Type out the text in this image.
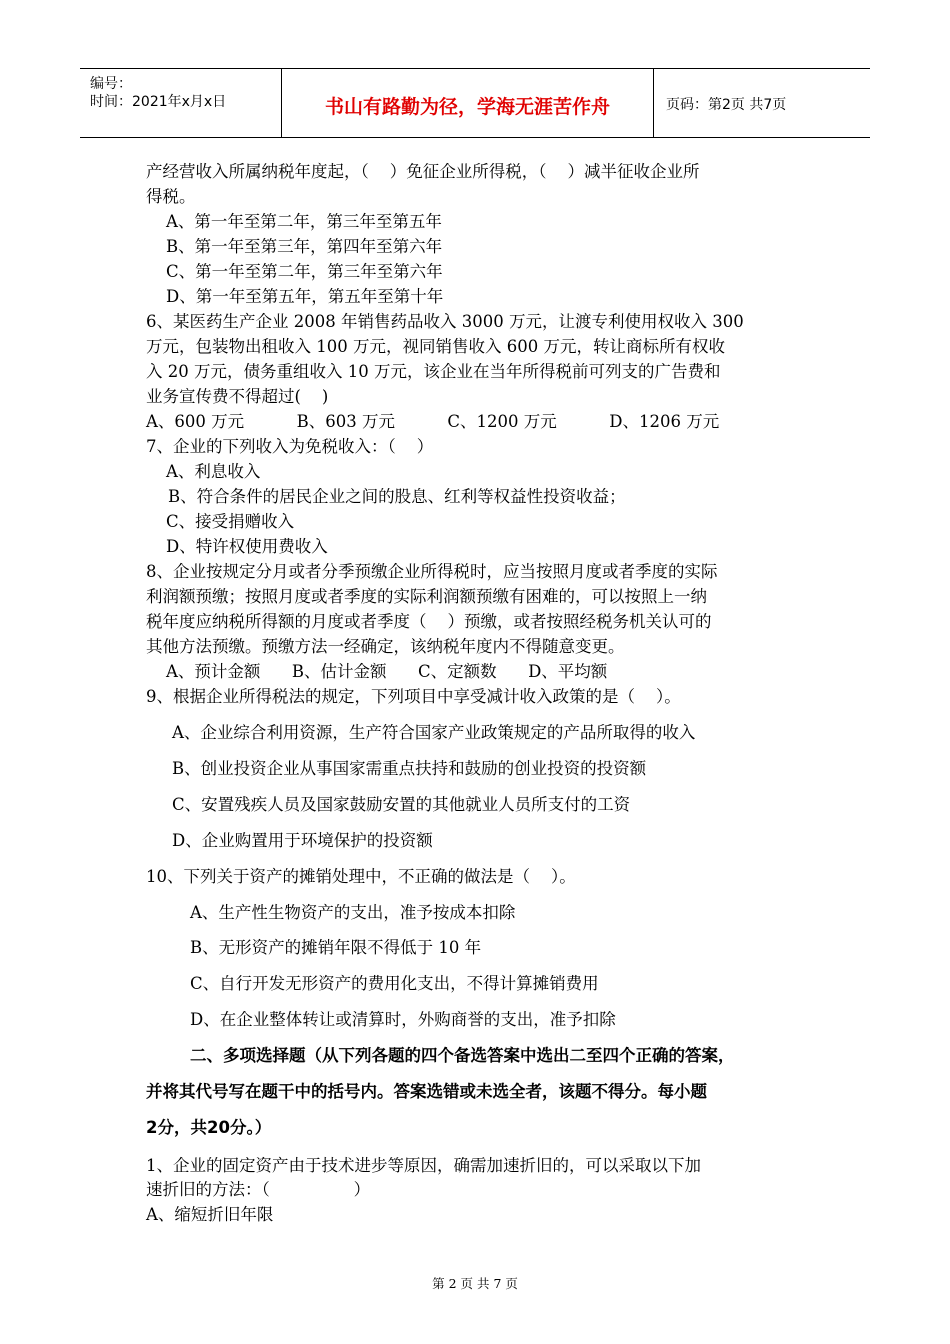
编号：
时间：2021年x月x日	书山有路勤为径，学海无涯苦作舟	页码：第2页 共7页
产经营收入所属纳税年度起，（    ）免征企业所得税，（    ）减半征收企业所
得税。
A、第一年至第二年，第三年至第五年
B、第一年至第三年，第四年至第六年
C、第一年至第二年，第三年至第六年
D、第一年至第五年，第五年至第十年
6、某医药生产企业 2008 年销售药品收入 3000 万元，让渡专利使用权收入 300
万元，包装物出租收入 100 万元，视同销售收入 600 万元，转让商标所有权收
入 20 万元，债务重组收入 10 万元，该企业在当年所得税前可列支的广告费和
业务宣传费不得超过(    )
A、600 万元          B、603 万元          C、1200 万元          D、1206 万元
7、企业的下列收入为免税收入：（    ）
A、利息收入
B、符合条件的居民企业之间的股息、红利等权益性投资收益；
C、接受捐赠收入
D、特许权使用费收入
8、企业按规定分月或者分季预缴企业所得税时，应当按照月度或者季度的实际
利润额预缴；按照月度或者季度的实际利润额预缴有困难的，可以按照上一纳
税年度应纳税所得额的月度或者季度（    ）预缴，或者按照经税务机关认可的
其他方法预缴。预缴方法一经确定，该纳税年度内不得随意变更。
A、预计金额      B、估计金额      C、定额数      D、平均额
9、根据企业所得税法的规定，下列项目中享受减计收入政策的是（    ）。
A、企业综合利用资源，生产符合国家产业政策规定的产品所取得的收入
B、创业投资企业从事国家需重点扶持和鼓励的创业投资的投资额
C、安置残疾人员及国家鼓励安置的其他就业人员所支付的工资
D、企业购置用于环境保护的投资额
10、下列关于资产的摊销处理中，不正确的做法是（    ）。
A、生产性生物资产的支出，准予按成本扣除
B、无形资产的摊销年限不得低于 10 年
C、自行开发无形资产的费用化支出，不得计算摊销费用
D、在企业整体转让或清算时，外购商誉的支出，准予扣除
二、多项选择题（从下列各题的四个备选答案中选出二至四个正确的答案，
并将其代号写在题干中的括号内。答案选错或未选全者，该题不得分。每小题
2分，共20分。）
1、企业的固定资产由于技术进步等原因，确需加速折旧的，可以采取以下加
速折旧的方法：（                ）
A、缩短折旧年限
第 2 页 共 7 页
